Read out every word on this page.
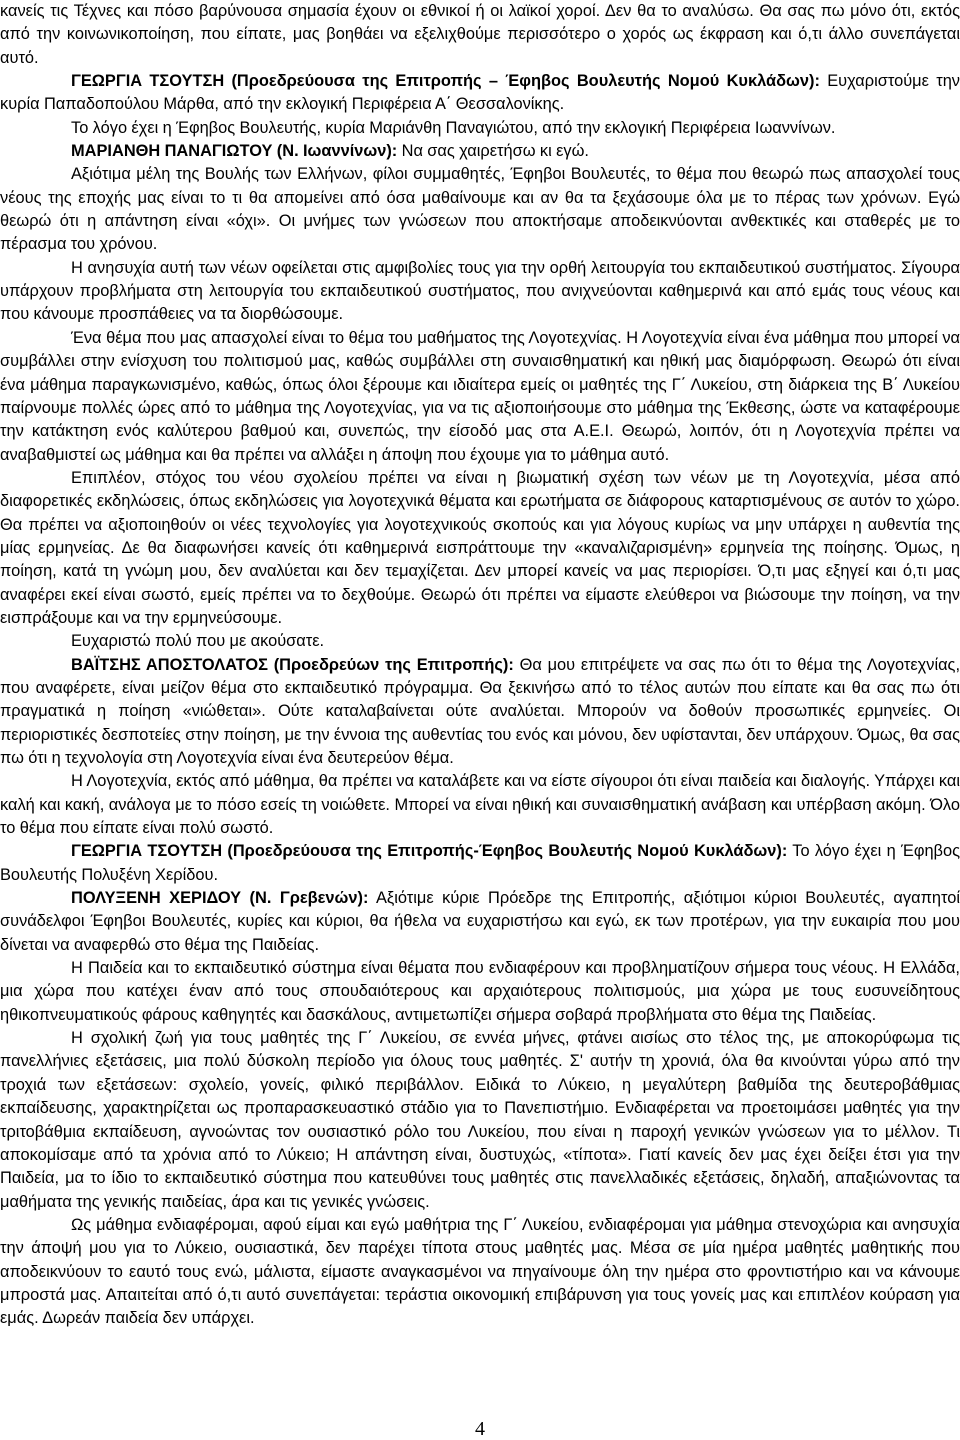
κανείς τις Τέχνες και πόσο βαρύνουσα σημασία έχουν οι εθνικοί ή οι λαϊκοί χοροί. Δεν θα το αναλύσω. Θα σας πω μόνο ότι, εκτός από την κοινωνικοποίηση, που είπατε, μας βοηθάει να εξελιχθούμε περισσότερο ο χορός ως έκφραση και ό,τι άλλο συνεπάγεται αυτό.

ΓΕΩΡΓΙΑ ΤΣΟΥΤΣΗ (Προεδρεύουσα της Επιτροπής – Έφηβος Βουλευτής Νομού Κυκλάδων): Ευχαριστούμε την κυρία Παπαδοπούλου Μάρθα, από την εκλογική Περιφέρεια Α΄ Θεσσαλονίκης.

Το λόγο έχει η Έφηβος Βουλευτής, κυρία Μαριάνθη Παναγιώτου, από την εκλογική Περιφέρεια Ιωαννίνων.

ΜΑΡΙΑΝΘΗ ΠΑΝΑΓΙΩΤΟΥ (Ν. Ιωαννίνων): Να σας χαιρετήσω κι εγώ.

Αξιότιμα μέλη της Βουλής των Ελλήνων, φίλοι συμμαθητές, Έφηβοι Βουλευτές, το θέμα που θεωρώ πως απασχολεί τους νέους της εποχής μας είναι το τι θα απομείνει από όσα μαθαίνουμε και αν θα τα ξεχάσουμε όλα με το πέρας των χρόνων. Εγώ θεωρώ ότι η απάντηση είναι «όχι». Οι μνήμες των γνώσεων που αποκτήσαμε αποδεικνύονται ανθεκτικές και σταθερές με το πέρασμα του χρόνου.

Η ανησυχία αυτή των νέων οφείλεται στις αμφιβολίες τους για την ορθή λειτουργία του εκπαιδευτικού συστήματος. Σίγουρα υπάρχουν προβλήματα στη λειτουργία του εκπαιδευτικού συστήματος, που ανιχνεύονται καθημερινά και από εμάς τους νέους και που κάνουμε προσπάθειες να τα διορθώσουμε.

Ένα θέμα που μας απασχολεί είναι το θέμα του μαθήματος της Λογοτεχνίας. Η Λογοτεχνία είναι ένα μάθημα που μπορεί να συμβάλλει στην ενίσχυση του πολιτισμού μας, καθώς συμβάλλει στη συναισθηματική και ηθική μας διαμόρφωση. Θεωρώ ότι είναι ένα μάθημα παραγκωνισμένο, καθώς, όπως όλοι ξέρουμε και ιδιαίτερα εμείς οι μαθητές της Γ΄ Λυκείου, στη διάρκεια της Β΄ Λυκείου παίρνουμε πολλές ώρες από το μάθημα της Λογοτεχνίας, για να τις αξιοποιήσουμε στο μάθημα της Έκθεσης, ώστε να καταφέρουμε την κατάκτηση ενός καλύτερου βαθμού και, συνεπώς, την είσοδό μας στα Α.Ε.Ι. Θεωρώ, λοιπόν, ότι η Λογοτεχνία πρέπει να αναβαθμιστεί ως μάθημα και θα πρέπει να αλλάξει η άποψη που έχουμε για το μάθημα αυτό.

Επιπλέον, στόχος του νέου σχολείου πρέπει να είναι η βιωματική σχέση των νέων με τη Λογοτεχνία, μέσα από διαφορετικές εκδηλώσεις, όπως εκδηλώσεις για λογοτεχνικά θέματα και ερωτήματα σε διάφορους καταρτισμένους σε αυτόν το χώρο. Θα πρέπει να αξιοποιηθούν οι νέες τεχνολογίες για λογοτεχνικούς σκοπούς και για λόγους κυρίως να μην υπάρχει η αυθεντία της μίας ερμηνείας. Δε θα διαφωνήσει κανείς ότι καθημερινά εισπράττουμε την «καναλιζαρισμένη» ερμηνεία της ποίησης. Όμως, η ποίηση, κατά τη γνώμη μου, δεν αναλύεται και δεν τεμαχίζεται. Δεν μπορεί κανείς να μας περιορίσει. Ό,τι μας εξηγεί και ό,τι μας αναφέρει εκεί είναι σωστό, εμείς πρέπει να το δεχθούμε. Θεωρώ ότι πρέπει να είμαστε ελεύθεροι να βιώσουμε την ποίηση, να την εισπράξουμε και να την ερμηνεύσουμε.

Ευχαριστώ πολύ που με ακούσατε.

ΒΑΪΤΣΗΣ ΑΠΟΣΤΟΛΑΤΟΣ (Προεδρεύων της Επιτροπής): Θα μου επιτρέψετε να σας πω ότι το θέμα της Λογοτεχνίας, που αναφέρετε, είναι μείζον θέμα στο εκπαιδευτικό πρόγραμμα. Θα ξεκινήσω από το τέλος αυτών που είπατε και θα σας πω ότι πραγματικά η ποίηση «νιώθεται». Ούτε καταλαβαίνεται ούτε αναλύεται. Μπορούν να δοθούν προσωπικές ερμηνείες. Οι περιοριστικές δεσποτείες στην ποίηση, με την έννοια της αυθεντίας του ενός και μόνου, δεν υφίστανται, δεν υπάρχουν. Όμως, θα σας πω ότι η τεχνολογία στη Λογοτεχνία είναι ένα δευτερεύον θέμα.

Η Λογοτεχνία, εκτός από μάθημα, θα πρέπει να καταλάβετε και να είστε σίγουροι ότι είναι παιδεία και διαλογής. Υπάρχει και καλή και κακή, ανάλογα με το πόσο εσείς τη νοιώθετε. Μπορεί να είναι ηθική και συναισθηματική ανάβαση και υπέρβαση ακόμη. Όλο το θέμα που είπατε είναι πολύ σωστό.

ΓΕΩΡΓΙΑ ΤΣΟΥΤΣΗ (Προεδρεύουσα της Επιτροπής-Έφηβος Βουλευτής Νομού Κυκλάδων): Το λόγο έχει η Έφηβος Βουλευτής Πολυξένη Χερίδου.

ΠΟΛΥΞΕΝΗ ΧΕΡΙΔΟΥ (Ν. Γρεβενών): Αξιότιμε κύριε Πρόεδρε της Επιτροπής, αξιότιμοι κύριοι Βουλευτές, αγαπητοί συνάδελφοι Έφηβοι Βουλευτές, κυρίες και κύριοι, θα ήθελα να ευχαριστήσω και εγώ, εκ των προτέρων, για την ευκαιρία που μου δίνεται να αναφερθώ στο θέμα της Παιδείας.

Η Παιδεία και το εκπαιδευτικό σύστημα είναι θέματα που ενδιαφέρουν και προβληματίζουν σήμερα τους νέους. Η Ελλάδα, μια χώρα που κατέχει έναν από τους σπουδαιότερους και αρχαιότερους πολιτισμούς, μια χώρα με τους ευσυνείδητους ηθικοπνευματικούς φάρους καθηγητές και δασκάλους, αντιμετωπίζει σήμερα σοβαρά προβλήματα στο θέμα της Παιδείας.

Η σχολική ζωή για τους μαθητές της Γ΄ Λυκείου, σε εννέα μήνες, φτάνει αισίως στο τέλος της, με αποκορύφωμα τις πανελλήνιες εξετάσεις, μια πολύ δύσκολη περίοδο για όλους τους μαθητές. Σ' αυτήν τη χρονιά, όλα θα κινούνται γύρω από την τροχιά των εξετάσεων: σχολείο, γονείς, φιλικό περιβάλλον. Ειδικά το Λύκειο, η μεγαλύτερη βαθμίδα της δευτεροβάθμιας εκπαίδευσης, χαρακτηρίζεται ως προπαρασκευαστικό στάδιο για το Πανεπιστήμιο. Ενδιαφέρεται να προετοιμάσει μαθητές για την τριτοβάθμια εκπαίδευση, αγνοώντας τον ουσιαστικό ρόλο του Λυκείου, που είναι η παροχή γενικών γνώσεων για το μέλλον. Τι αποκομίσαμε από τα χρόνια από το Λύκειο; Η απάντηση είναι, δυστυχώς, «τίποτα». Γιατί κανείς δεν μας έχει δείξει έτσι για την Παιδεία, μα το ίδιο το εκπαιδευτικό σύστημα που κατευθύνει τους μαθητές στις πανελλαδικές εξετάσεις, δηλαδή, απαξιώνοντας τα μαθήματα της γενικής παιδείας, άρα και τις γενικές γνώσεις.

Ως μάθημα ενδιαφέρομαι, αφού είμαι και εγώ μαθήτρια της Γ΄ Λυκείου, ενδιαφέρομαι για μάθημα στενοχώρια και ανησυχία την άποψή μου για το Λύκειο, ουσιαστικά, δεν παρέχει τίποτα στους μαθητές μας. Μέσα σε μία ημέρα μαθητές μαθητικής που αποδεικνύουν το εαυτό τους ενώ, μάλιστα, είμαστε αναγκασμένοι να πηγαίνουμε όλη την ημέρα στο φροντιστήριο και να κάνουμε μπροστά μας. Απαιτείται από ό,τι αυτό συνεπάγεται: τεράστια οικονομική επιβάρυνση για τους γονείς μας και επιπλέον κούραση για εμάς. Δωρεάν παιδεία δεν υπάρχει.

4
